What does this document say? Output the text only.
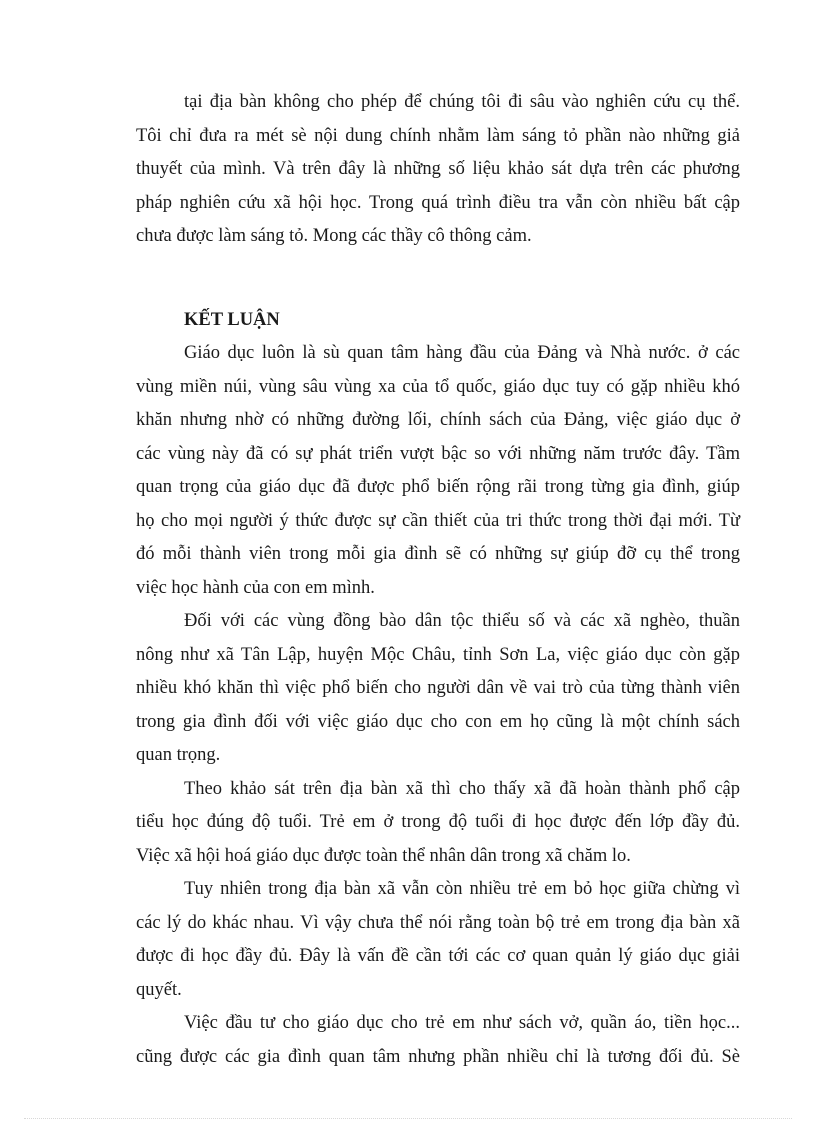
tại địa bàn không cho phép để chúng tôi đi sâu vào nghiên cứu cụ thể.
Tôi chỉ đưa ra mét sè nội dung chính nhằm làm sáng tỏ phần nào những giả
thuyết của mình. Và trên đây là những số liệu khảo sát dựa trên các phương
pháp nghiên cứu xã hội học. Trong quá trình điều tra vẫn còn nhiều bất cập
chưa được làm sáng tỏ. Mong các thầy cô thông cảm.
KẾT LUẬN
Giáo dục luôn là sù quan tâm hàng đầu của Đảng và Nhà nước. ở các
vùng miền núi, vùng sâu vùng xa của tổ quốc, giáo dục tuy có gặp nhiều khó
khăn nhưng nhờ có những đường lối, chính sách của Đảng, việc giáo dục ở
các vùng này đã có sự phát triển vượt bậc so với những năm trước đây. Tầm
quan trọng của giáo dục đã được phổ biến rộng rãi trong từng gia đình, giúp
họ cho mọi người ý thức được sự cần thiết của tri thức trong thời đại mới. Từ
đó mỗi thành viên trong mỗi gia đình sẽ có những sự giúp đỡ cụ thể trong
việc học hành của con em mình.
Đối với các vùng đồng bào dân tộc thiểu số và các xã nghèo, thuần
nông như xã Tân Lập, huyện Mộc Châu, tỉnh Sơn La, việc giáo dục còn gặp
nhiều khó khăn thì việc phổ biến cho người dân về vai trò của từng thành viên
trong gia đình đối với việc giáo dục cho con em họ cũng là một chính sách
quan trọng.
Theo khảo sát trên địa bàn xã thì cho thấy xã đã hoàn thành phổ cập
tiểu học đúng độ tuổi. Trẻ em ở trong độ tuổi đi học được đến lớp đầy đủ.
Việc xã hội hoá giáo dục được toàn thể nhân dân trong xã chăm lo.
Tuy nhiên trong địa bàn xã vẫn còn nhiều trẻ em bỏ học giữa chừng vì
các lý do khác nhau. Vì vậy chưa thể nói rằng toàn bộ trẻ em trong địa bàn xã
được đi học đầy đủ. Đây là vấn đề cần tới các cơ quan quản lý giáo dục giải
quyết.
Việc đầu tư cho giáo dục cho trẻ em như sách vở, quần áo, tiền học...
cũng được các gia đình quan tâm nhưng phần nhiều chỉ là tương đối đủ. Sè
